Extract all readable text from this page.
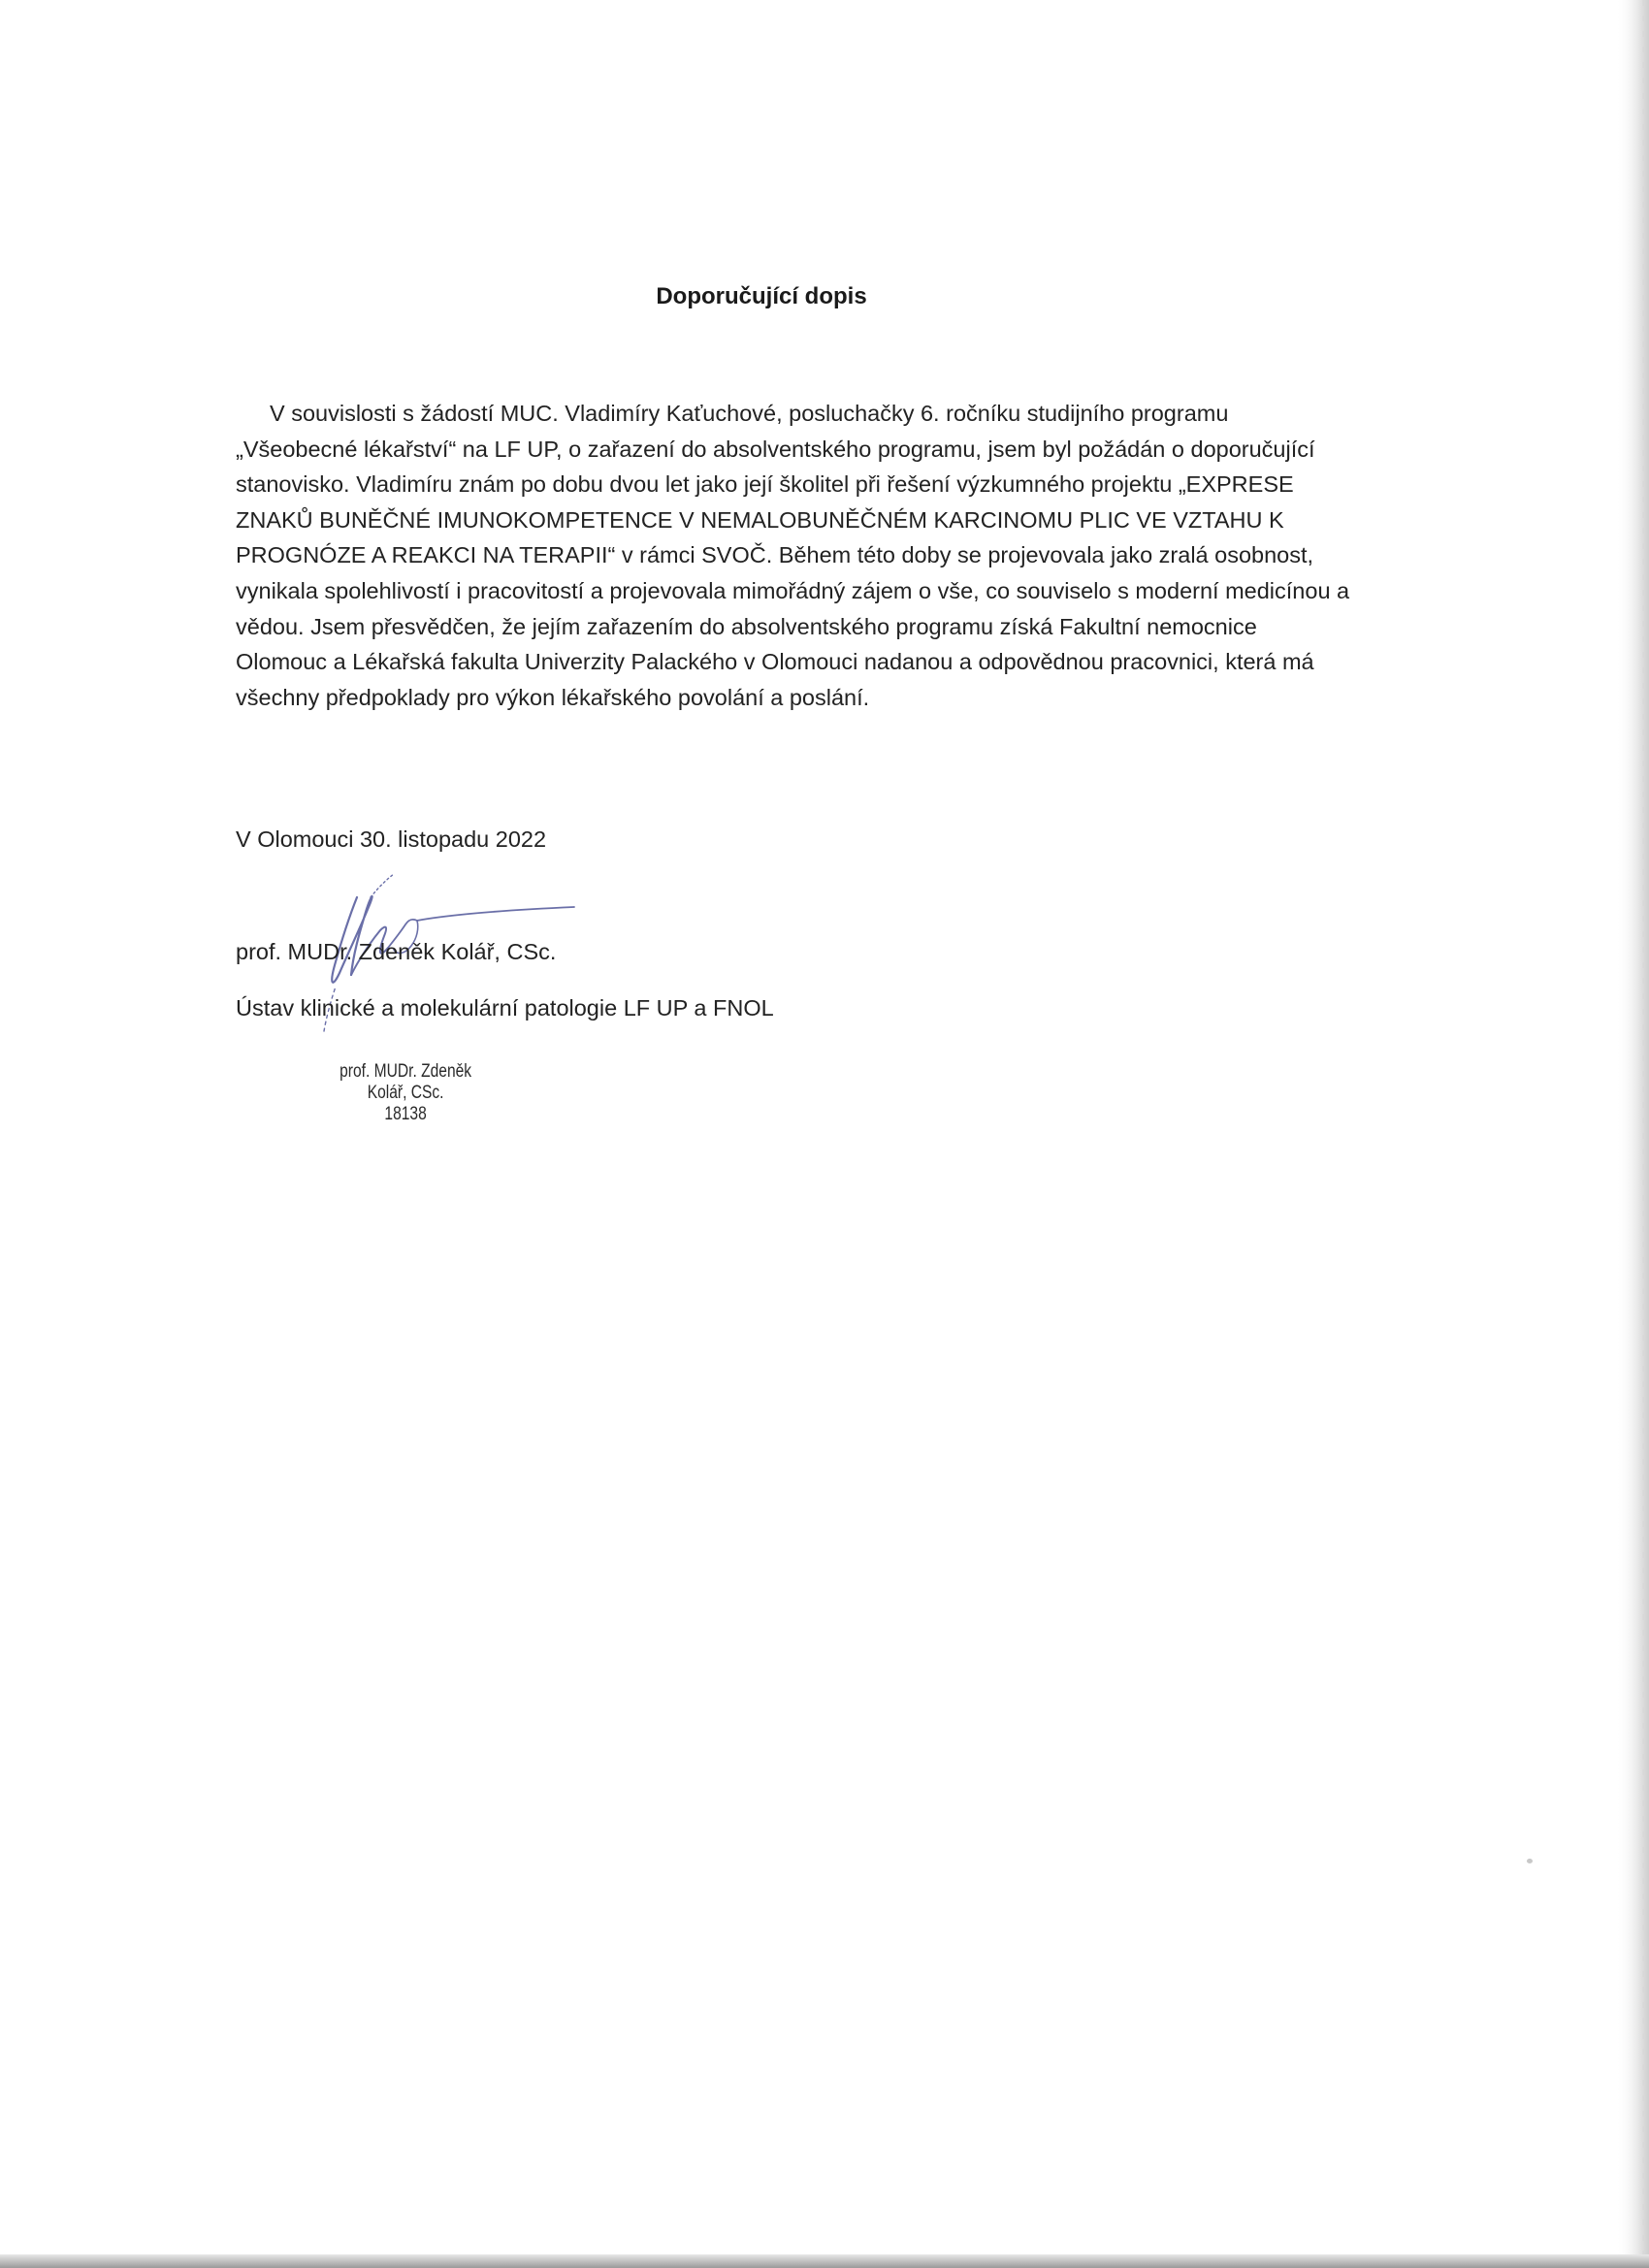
Doporučující dopis

V souvislosti s žádostí MUC. Vladimíry Kaťuchové, posluchačky 6. ročníku studijního programu „Všeobecné lékařství“ na LF UP, o zařazení do absolventského programu, jsem byl požádán o doporučující stanovisko. Vladimíru znám po dobu dvou let jako její školitel při řešení výzkumného projektu „EXPRESE ZNAKŮ BUNĚČNÉ IMUNOKOMPETENCE V NEMALOBUNĚČNÉM KARCINOMU PLIC VE VZTAHU K PROGNÓZE A REAKCI NA TERAPII“ v rámci SVOČ. Během této doby se projevovala jako zralá osobnost, vynikala spolehlivostí i pracovitostí a projevovala mimořádný zájem o vše, co souviselo s moderní medicínou a vědou. Jsem přesvědčen, že jejím zařazením do absolventského programu získá Fakultní nemocnice Olomouc a Lékařská fakulta Univerzity Palackého v Olomouci nadanou a odpovědnou pracovnici, která má všechny předpoklady pro výkon lékařského povolání a poslání.

V Olomouci 30. listopadu 2022
prof. MUDr. Zdeněk Kolář, CSc.
Ústav klinické a molekulární patologie LF UP a FNOL
prof. MUDr. Zdeněk Kolář, CSc.
18138
